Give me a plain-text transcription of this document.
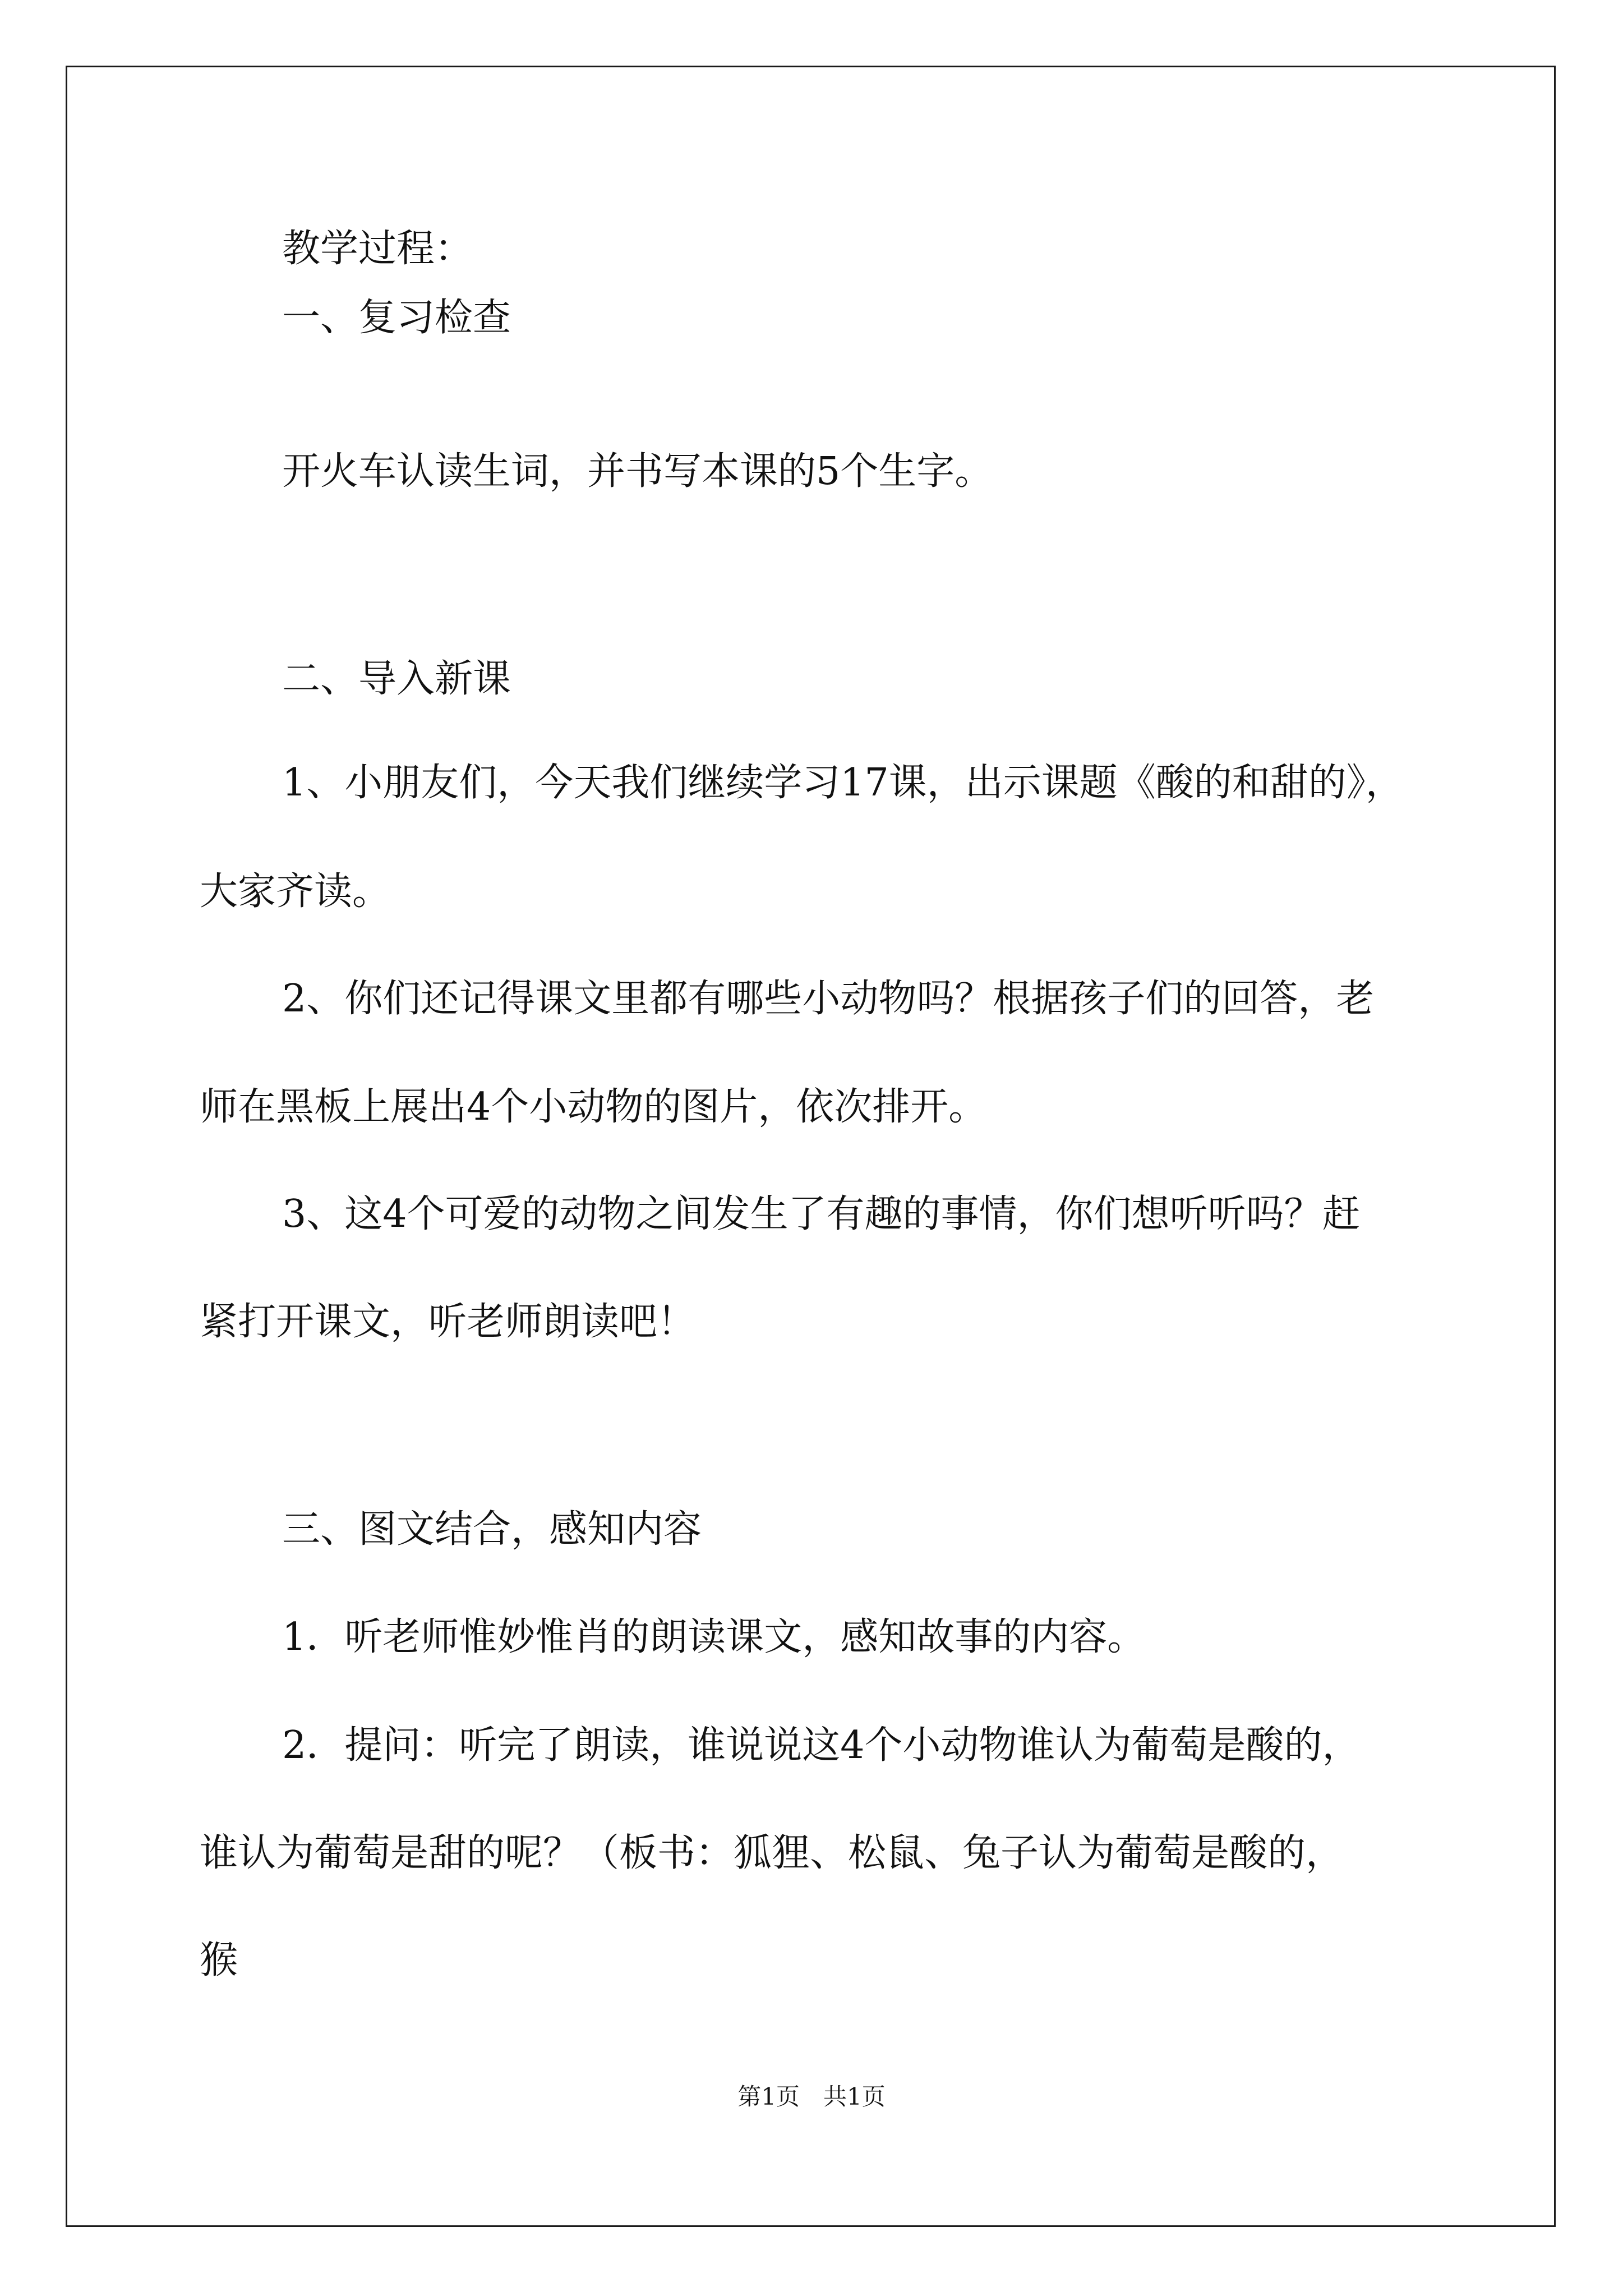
教学过程：
一、复习检查
开火车认读生词，并书写本课的5个生字。
二、导入新课
1、小朋友们，今天我们继续学习17课，出示课题《酸的和甜的》，
大家齐读。
2、你们还记得课文里都有哪些小动物吗？根据孩子们的回答，老
师在黑板上展出4个小动物的图片，依次排开。
3、这4个可爱的动物之间发生了有趣的事情，你们想听听吗？赶
紧打开课文，听老师朗读吧！
三、图文结合，感知内容
1．听老师惟妙惟肖的朗读课文，感知故事的内容。
2．提问：听完了朗读，谁说说这4个小动物谁认为葡萄是酸的，
谁认为葡萄是甜的呢？（板书：狐狸、松鼠、兔子认为葡萄是酸的，
猴
第1页　共1页
